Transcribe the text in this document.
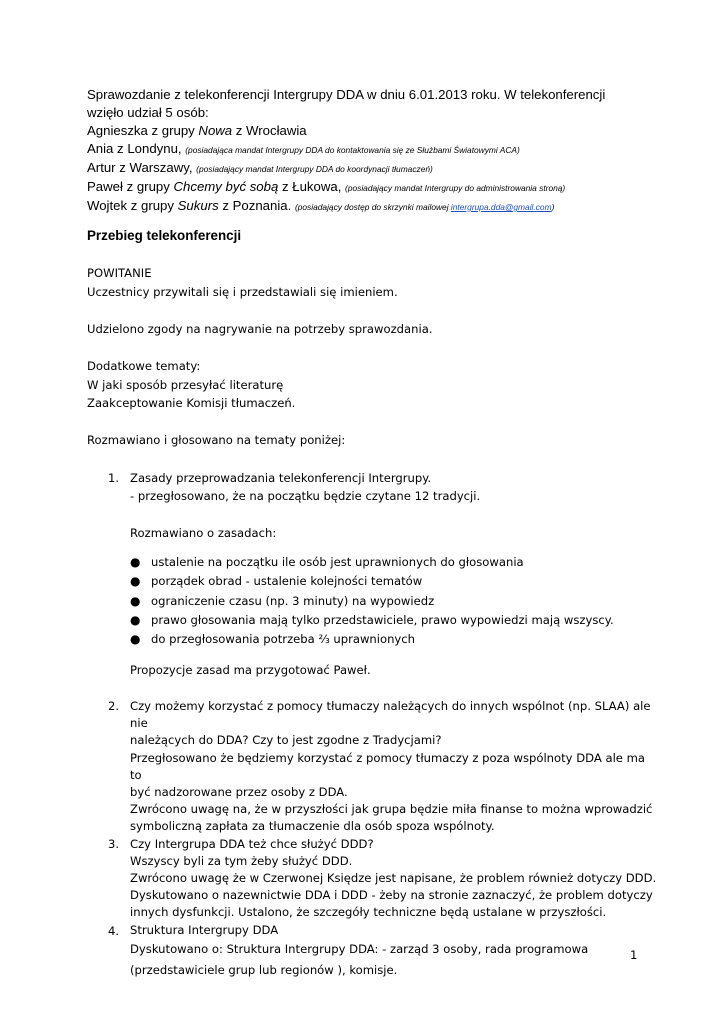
Sprawozdanie z telekonferencji Intergrupy DDA w dniu 6.01.2013 roku. W telekonferencji
wzięło udział 5 osób:
Agnieszka z grupy Nowa z Wrocławia
Ania z Londynu, (posiadająca mandat Intergrupy DDA do kontaktowania się ze Służbami Światowymi ACA)
Artur z Warszawy, (posiadający mandat Intergrupy DDA do koordynacji tłumaczeń)
Paweł z grupy Chcemy być sobą z Łukowa, (posiadający mandat Intergrupy do administrowania stroną)
Wojtek z grupy Sukurs z Poznania. (posiadający dostęp do skrzynki mailowej intergrupa.dda@gmail.com)
Przebieg telekonferencji

POWITANIE

Uczestnicy przywitali się i przedstawiali się imieniem.

Udzielono zgody na nagrywanie na potrzeby sprawozdania.

Dodatkowe tematy:

W jaki sposób przesyłać literaturę

Zaakceptowanie Komisji tłumaczeń.

Rozmawiano i głosowano na tematy poniżej:

1. Zasady przeprowadzania telekonferencji Intergrupy.

- przegłosowano, że na początku będzie czytane 12 tradycji.

Rozmawiano o zasadach:

● ustalenie na początku ile osób jest uprawnionych do głosowania
● porządek obrad - ustalenie kolejności tematów
● ograniczenie czasu (np. 3 minuty) na wypowiedz
● prawo głosowania mają tylko przedstawiciele, prawo wypowiedzi mają wszyscy.
● do przegłosowania potrzeba ⅔ uprawnionych

Propozycje zasad ma przygotować Paweł.

2. Czy możemy korzystać z pomocy tłumaczy należących do innych wspólnot (np. SLAA) ale nie

należących do DDA? Czy to jest zgodne z Tradycjami?

Przegłosowano że będziemy korzystać z pomocy tłumaczy z poza wspólnoty DDA ale ma to

być nadzorowane przez osoby z DDA.

Zwrócono uwagę na, że w przyszłości jak grupa będzie miła finanse to można wprowadzić

symboliczną zapłata za tłumaczenie dla osób spoza wspólnoty.

3. Czy Intergrupa DDA też chce służyć DDD?

Wszyscy byli za tym żeby służyć DDD.

Zwrócono uwagę że w Czerwonej Księdze jest napisane, że problem również dotyczy DDD.

Dyskutowano o nazewnictwie DDA i DDD - żeby na stronie zaznaczyć, że problem dotyczy

innych dysfunkcji. Ustalono, że szczegóły techniczne będą ustalane w przyszłości.

4. Struktura Intergrupy DDA

Dyskutowano o: Struktura Intergrupy DDA: - zarząd 3 osoby, rada programowa

(przedstawiciele grup lub regionów ), komisje.

1
